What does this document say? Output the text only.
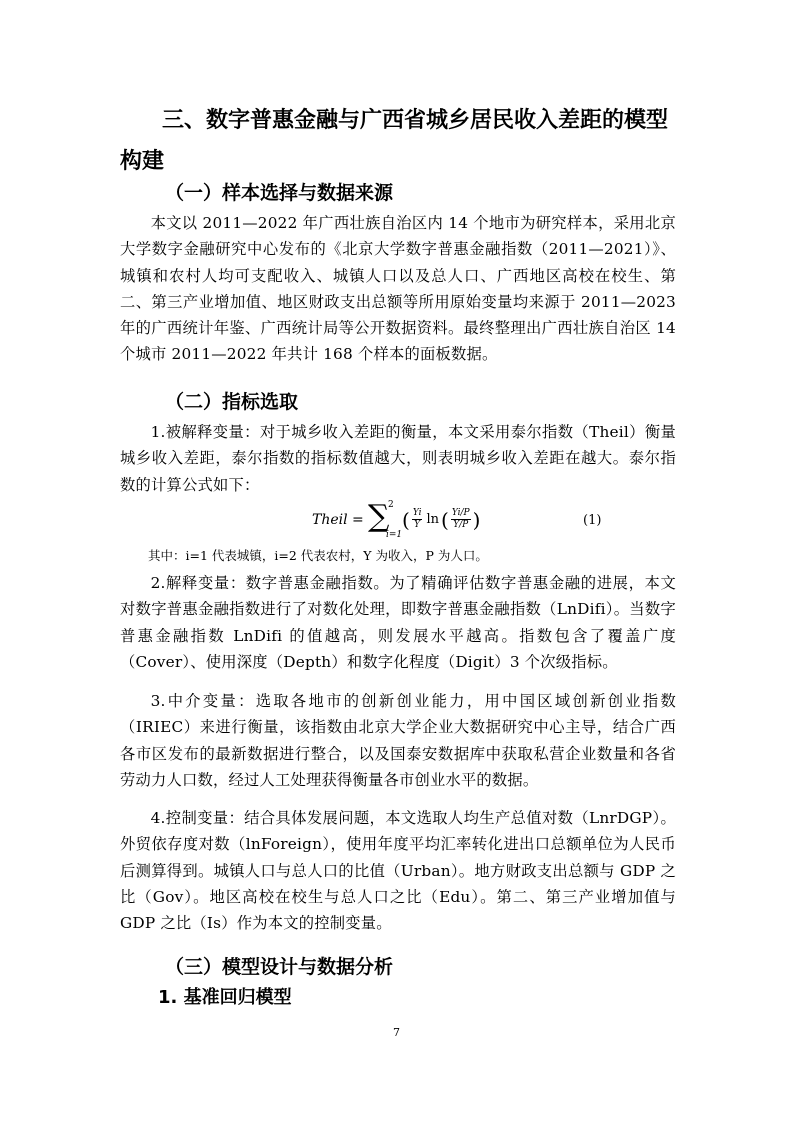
三、数字普惠金融与广西省城乡居民收入差距的模型构建
（一）样本选择与数据来源

本文以 2011—2022 年广西壮族自治区内 14 个地市为研究样本，采用北京大学数字金融研究中心发布的《北京大学数字普惠金融指数（2011—2021）》、城镇和农村人均可支配收入、城镇人口以及总人口、广西地区高校在校生、第二、第三产业增加值、地区财政支出总额等所用原始变量均来源于 2011—2023 年的广西统计年鉴、广西统计局等公开数据资料。最终整理出广西壮族自治区 14 个城市 2011—2022 年共计 168 个样本的面板数据。

（二）指标选取

1.被解释变量：对于城乡收入差距的衡量，本文采用泰尔指数（Theil）衡量城乡收入差距，泰尔指数的指标数值越大，则表明城乡收入差距在越大。泰尔指数的计算公式如下：

Theil = ∑
2
i=1
( $\frac{Yi}{Y}$ ln ( $\frac{Yi/P}{Y/P}$ )	(1)

其中：i=1 代表城镇，i=2 代表农村，Y 为收入，P 为人口。

2.解释变量：数字普惠金融指数。为了精确评估数字普惠金融的进展，本文对数字普惠金融指数进行了对数化处理，即数字普惠金融指数（LnDifi）。当数字普惠金融指数 LnDifi 的值越高，则发展水平越高。指数包含了覆盖广度（Cover）、使用深度（Depth）和数字化程度（Digit）3 个次级指标。

3.中介变量：选取各地市的创新创业能力，用中国区域创新创业指数（IRIEC）来进行衡量，该指数由北京大学企业大数据研究中心主导，结合广西各市区发布的最新数据进行整合，以及国泰安数据库中获取私营企业数量和各省劳动力人口数，经过人工处理获得衡量各市创业水平的数据。

4.控制变量：结合具体发展问题，本文选取人均生产总值对数（LnrDGP）。外贸依存度对数（lnForeign），使用年度平均汇率转化进出口总额单位为人民币后测算得到。城镇人口与总人口的比值（Urban）。地方财政支出总额与 GDP 之比（Gov）。地区高校在校生与总人口之比（Edu）。第二、第三产业增加值与 GDP 之比（Is）作为本文的控制变量。

（三）模型设计与数据分析
1. 基准回归模型
7
